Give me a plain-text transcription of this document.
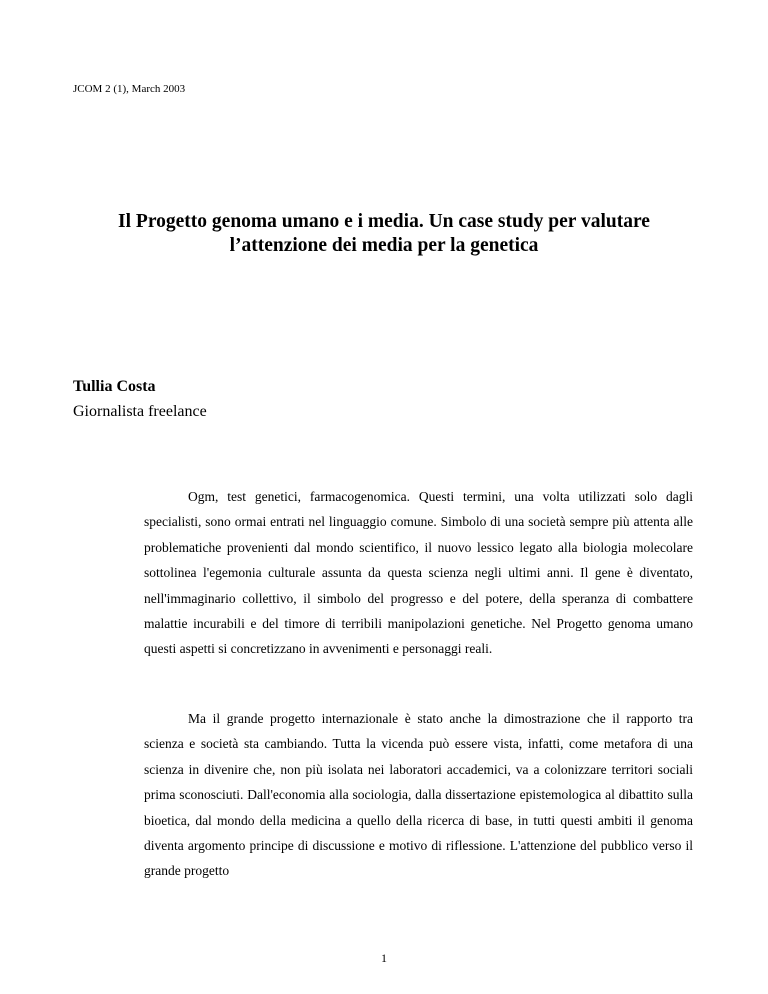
JCOM 2 (1), March 2003
Il Progetto genoma umano e i media. Un case study per valutare
l’attenzione dei media per la genetica
Tullia Costa
Giornalista freelance

Ogm, test genetici, farmacogenomica. Questi termini, una volta utilizzati solo dagli specialisti, sono ormai entrati nel linguaggio comune. Simbolo di una società sempre più attenta alle problematiche provenienti dal mondo scientifico, il nuovo lessico legato alla biologia molecolare sottolinea l'egemonia culturale assunta da questa scienza negli ultimi anni. Il gene è diventato, nell'immaginario collettivo, il simbolo del progresso e del potere, della speranza di combattere malattie incurabili e del timore di terribili manipolazioni genetiche. Nel Progetto genoma umano questi aspetti si concretizzano in avvenimenti e personaggi reali.

Ma il grande progetto internazionale è stato anche la dimostrazione che il rapporto tra scienza e società sta cambiando. Tutta la vicenda può essere vista, infatti, come metafora di una scienza in divenire che, non più isolata nei laboratori accademici, va a colonizzare territori sociali prima sconosciuti. Dall'economia alla sociologia, dalla dissertazione epistemologica al dibattito sulla bioetica, dal mondo della medicina a quello della ricerca di base, in tutti questi ambiti il genoma diventa argomento principe di discussione e motivo di riflessione. L'attenzione del pubblico verso il grande progetto

1
